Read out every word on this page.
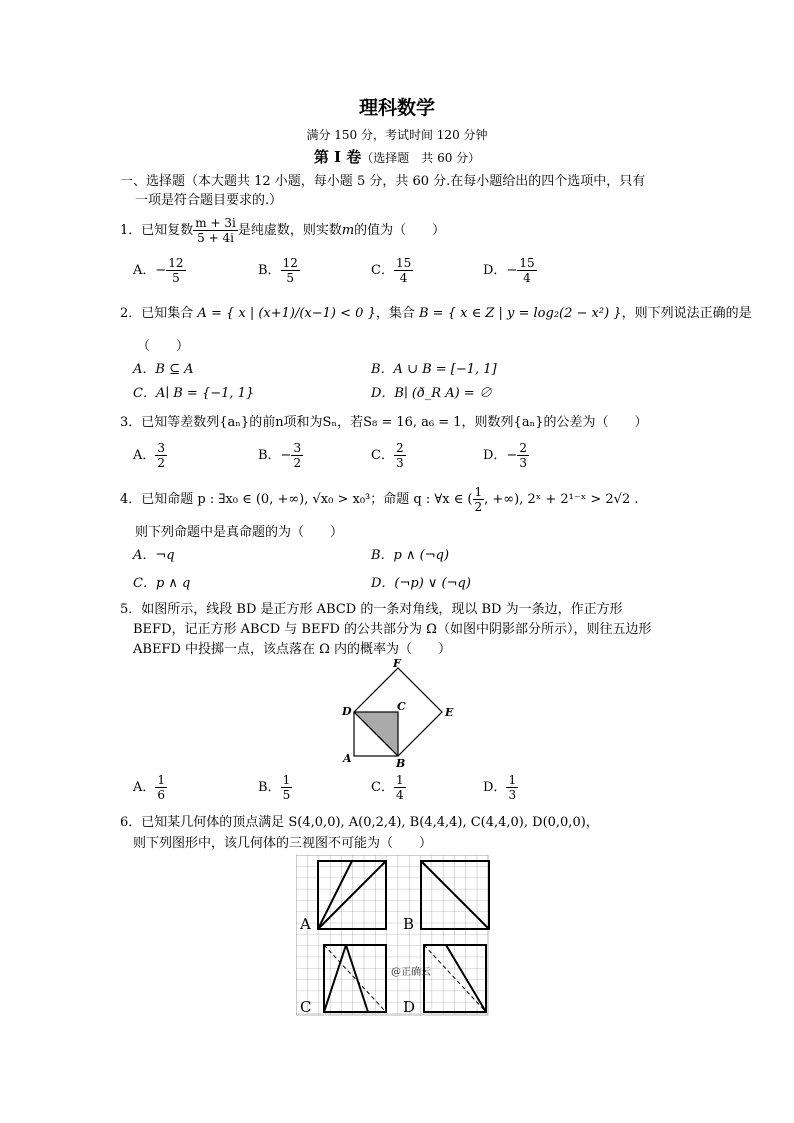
理科数学
满分 150 分，考试时间 120 分钟
第 I 卷（选择题　共 60 分）
一、选择题（本大题共 12 小题，每小题 5 分，共 60 分.在每小题给出的四个选项中，只有
一项是符合题目要求的.）
1．已知复数 $\frac{m + 3i}{5 + 4i}$ 是纯虚数，则实数m的值为（　　）
A．− $\frac{12}{5}$	B． $\frac{12}{5}$	C． $\frac{15}{4}$	D．− $\frac{15}{4}$
2．已知集合 A = { x | (x+1)/(x−1) < 0 }，集合 B = { x ∈ Z | y = log₂(2 − x²) }，则下列说法正确的是
（　　）
A．B ⊆ A	B．A ∪ B = [−1, 1]
C．A∣ B = {−1, 1}	D．B∣ (ð_R A) = ∅
3．已知等差数列{aₙ}的前n项和为Sₙ，若S₈ = 16, a₆ = 1，则数列{aₙ}的公差为（　　）
A． $\frac{3}{2}$	B．− $\frac{3}{2}$	C． $\frac{2}{3}$	D．− $\frac{2}{3}$
4．已知命题 p : ∃x₀ ∈ (0, +∞), √x₀ > x₀³；命题 q : ∀x ∈ ( $\frac{1}{2}$ , +∞), 2ˣ + 2¹⁻ˣ > 2√2 .
则下列命题中是真命题的为（　　）
A．¬q	B．p ∧ (¬q)
C．p ∧ q	D．(¬p) ∨ (¬q)
5．如图所示，线段 BD 是正方形 ABCD 的一条对角线，现以 BD 为一条边，作正方形
BEFD，记正方形 ABCD 与 BEFD 的公共部分为 Ω（如图中阴影部分所示），则往五边形
ABEFD 中投掷一点，该点落在 Ω 内的概率为（　　）
F
D	C	E
A	B
A． $\frac{1}{6}$	B． $\frac{1}{5}$	C． $\frac{1}{4}$	D． $\frac{1}{3}$
6．已知某几何体的顶点满足 S(4,0,0), A(0,2,4), B(4,4,4), C(4,4,0), D(0,0,0)，
则下列图形中，该几何体的三视图不可能为（　　）
A	B
C	D
@正确云
